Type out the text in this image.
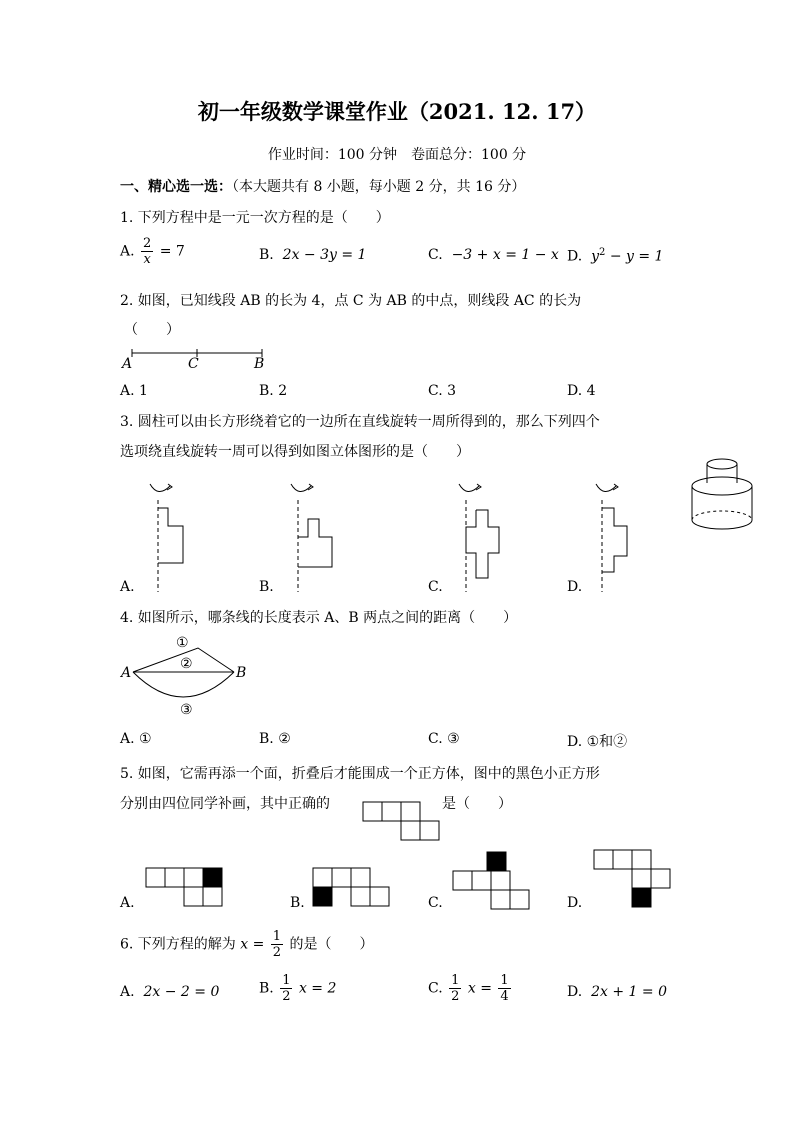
初一年级数学课堂作业（2021. 12. 17）
作业时间：100 分钟　卷面总分：100 分
一、精心选一选：（本大题共有 8 小题，每小题 2 分，共 16 分）
1. 下列方程中是一元一次方程的是（　　）
A. $\frac{2}{x} = 7$	B. 2x − 3y = 1	C. −3 + x = 1 − x D. $y^2 - y = 1$
2. 如图，已知线段 AB 的长为 4，点 C 为 AB 的中点，则线段 AC 的长为
（　　）
A	C	B
A. 1	B. 2	C. 3	D. 4
3. 圆柱可以由长方形绕着它的一边所在直线旋转一周所得到的，那么下列四个
选项绕直线旋转一周可以得到如图立体图形的是（　　）
A.	B.	C.	D.
4. 如图所示，哪条线的长度表示 A、B 两点之间的距离（　　）
A	B
①
②
③
A. ①	B. ②	C. ③	D. ①和②
5. 如图，它需再添一个面，折叠后才能围成一个正方体，图中的黑色小正方形
分别由四位同学补画，其中正确的	是（　　）
A.	B.	C.	D.
6. 下列方程的解为 $x = \frac{1}{2}$ 的是（　　）
A. 2x − 2 = 0	B. $\frac{1}{2}$ x = 2	C. $\frac{1}{2}$ $x = \frac{1}{4}$	D. 2x + 1 = 0
